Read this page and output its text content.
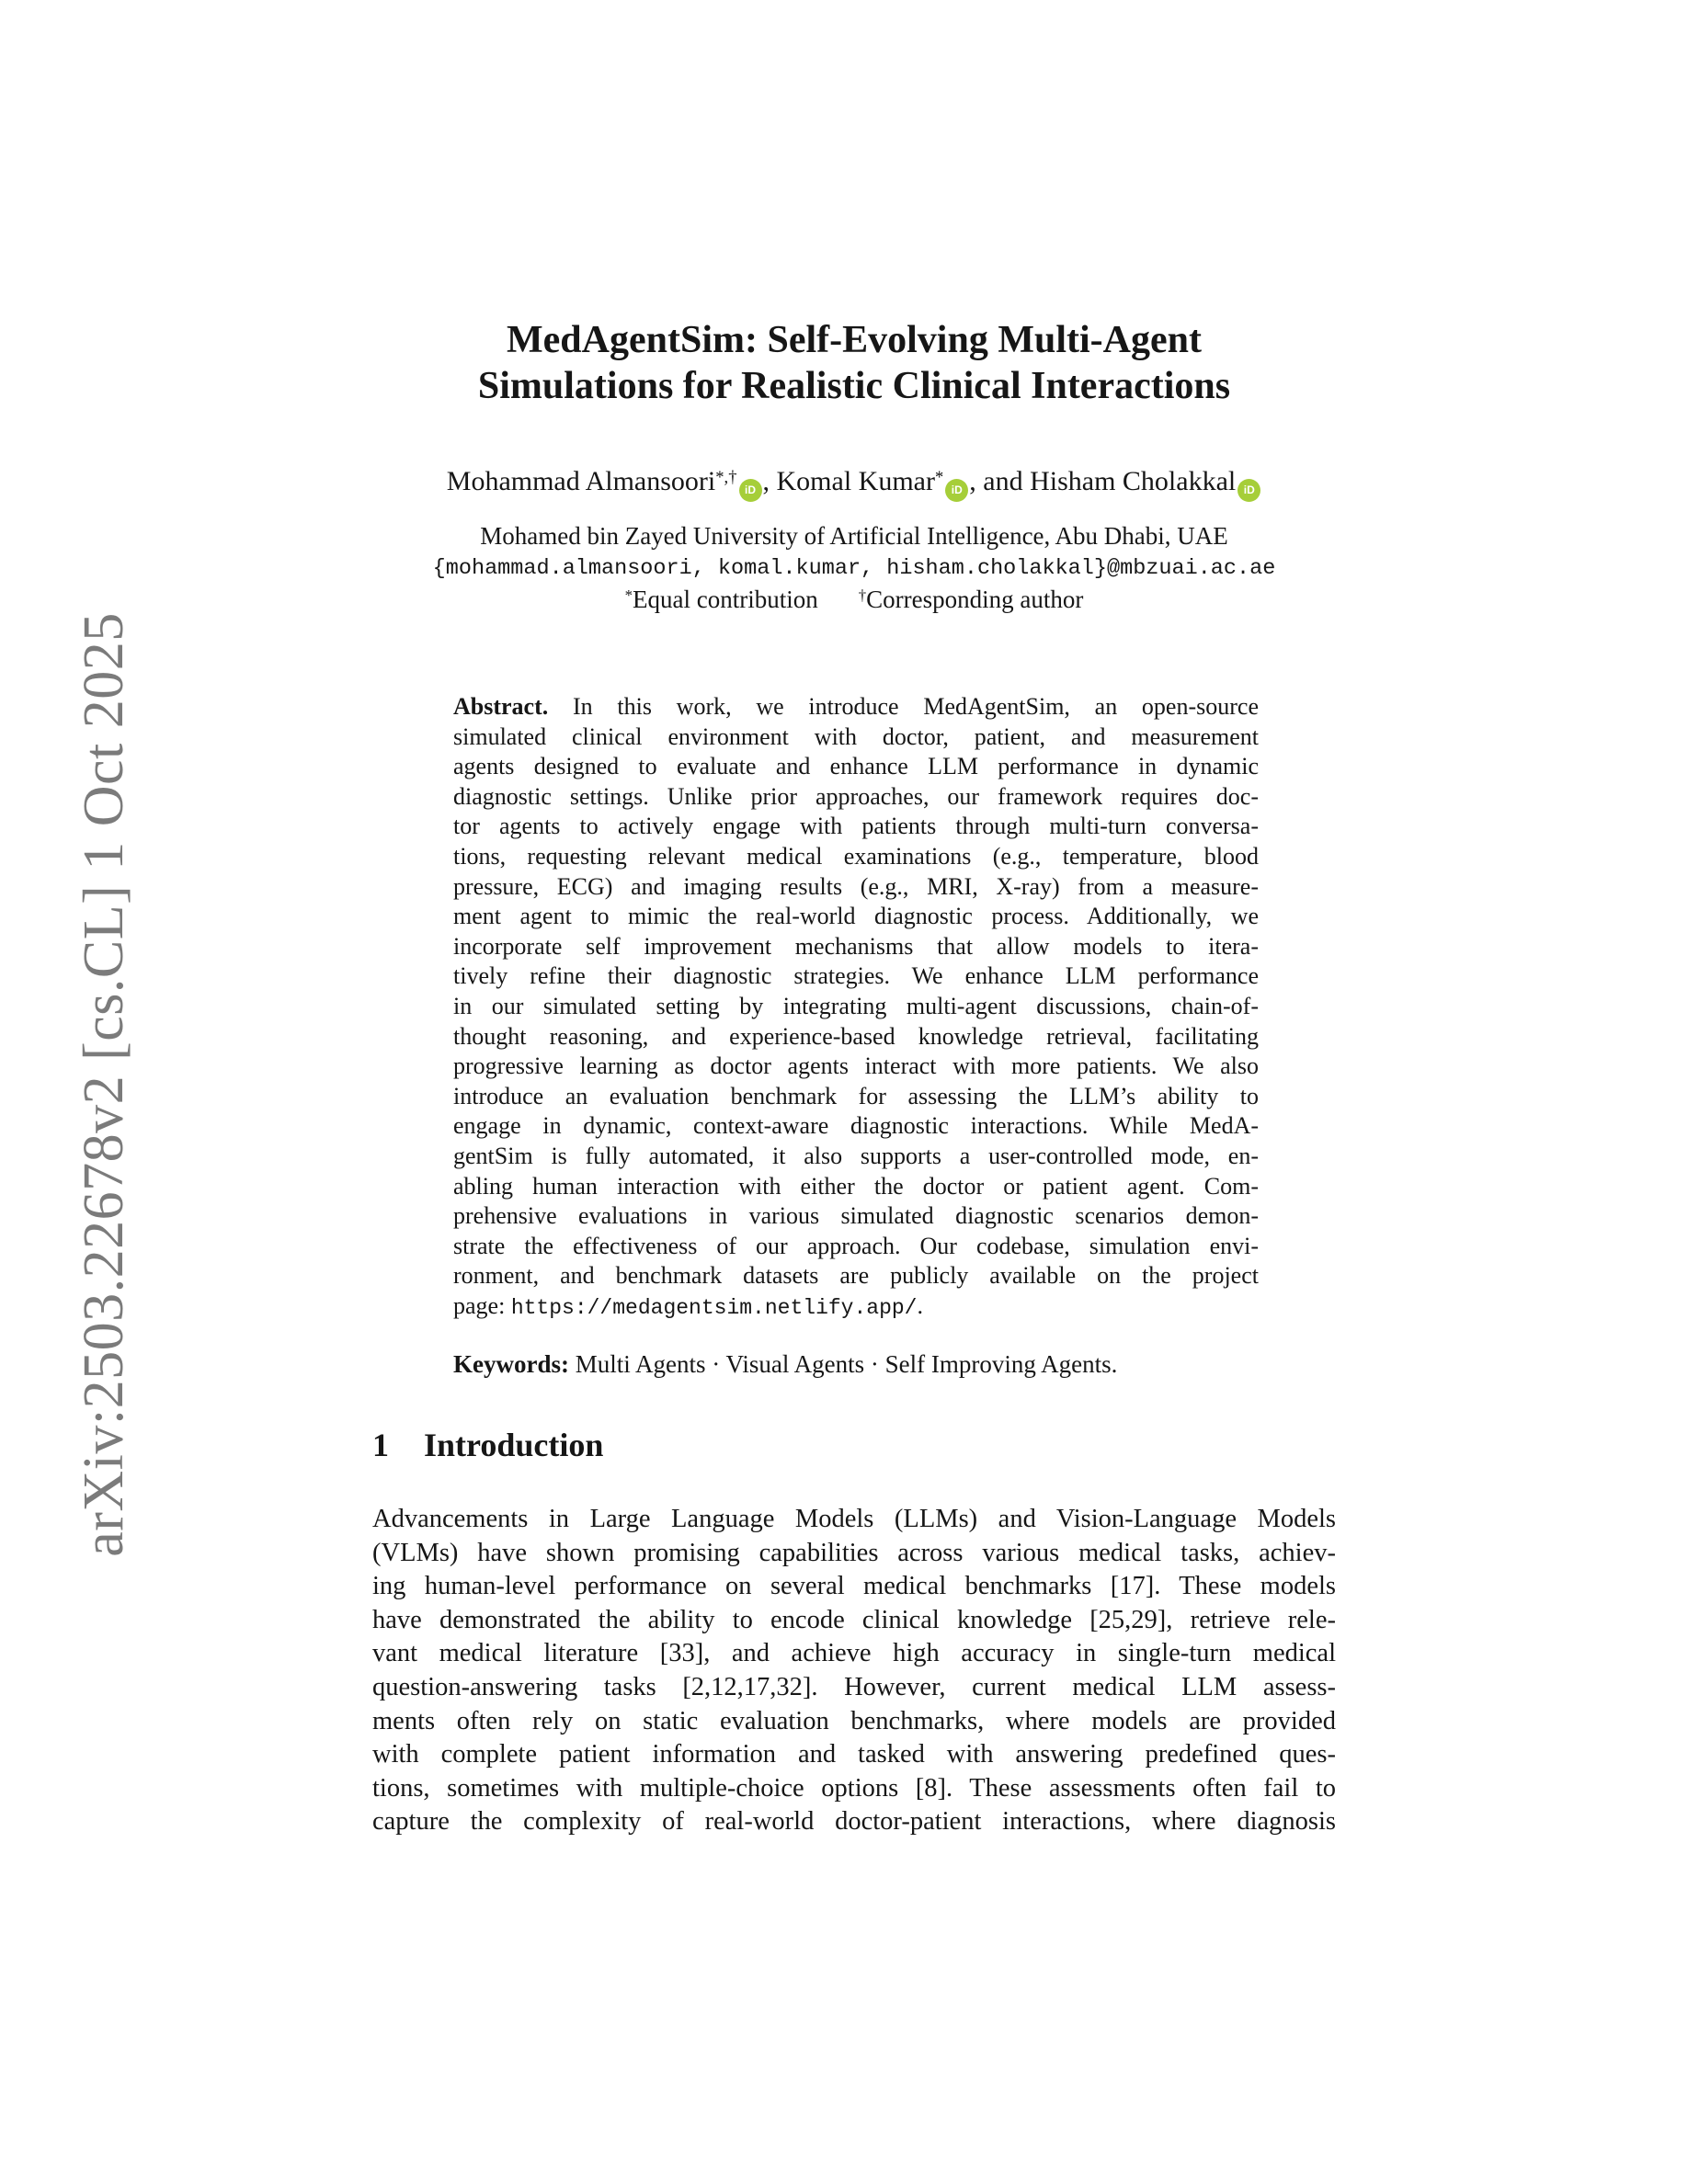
arXiv:2503.22678v2 [cs.CL] 1 Oct 2025
MedAgentSim: Self-Evolving Multi-Agent
Simulations for Realistic Clinical Interactions
Mohammad Almansoori*,†iD , Komal Kumar*iD , and Hisham Cholakkal iD
Mohamed bin Zayed University of Artificial Intelligence, Abu Dhabi, UAE
{mohammad.almansoori, komal.kumar, hisham.cholakkal}@mbzuai.ac.ae
*Equal contribution	†Corresponding author
Abstract. In this work, we introduce MedAgentSim, an open-source
simulated clinical environment with doctor, patient, and measurement
agents designed to evaluate and enhance LLM performance in dynamic
diagnostic settings. Unlike prior approaches, our framework requires doc-
tor agents to actively engage with patients through multi-turn conversa-
tions, requesting relevant medical examinations (e.g., temperature, blood
pressure, ECG) and imaging results (e.g., MRI, X-ray) from a measure-
ment agent to mimic the real-world diagnostic process. Additionally, we
incorporate self improvement mechanisms that allow models to itera-
tively refine their diagnostic strategies. We enhance LLM performance
in our simulated setting by integrating multi-agent discussions, chain-of-
thought reasoning, and experience-based knowledge retrieval, facilitating
progressive learning as doctor agents interact with more patients. We also
introduce an evaluation benchmark for assessing the LLM’s ability to
engage in dynamic, context-aware diagnostic interactions. While MedA-
gentSim is fully automated, it also supports a user-controlled mode, en-
abling human interaction with either the doctor or patient agent. Com-
prehensive evaluations in various simulated diagnostic scenarios demon-
strate the effectiveness of our approach. Our codebase, simulation envi-
ronment, and benchmark datasets are publicly available on the project
page: https://medagentsim.netlify.app/.
Keywords: Multi Agents · Visual Agents · Self Improving Agents.
1 Introduction
Advancements in Large Language Models (LLMs) and Vision-Language Models
(VLMs) have shown promising capabilities across various medical tasks, achiev-
ing human-level performance on several medical benchmarks [17]. These models
have demonstrated the ability to encode clinical knowledge [25,29], retrieve rele-
vant medical literature [33], and achieve high accuracy in single-turn medical
question-answering tasks [2,12,17,32]. However, current medical LLM assess-
ments often rely on static evaluation benchmarks, where models are provided
with complete patient information and tasked with answering predefined ques-
tions, sometimes with multiple-choice options [8]. These assessments often fail to
capture the complexity of real-world doctor-patient interactions, where diagnosis
